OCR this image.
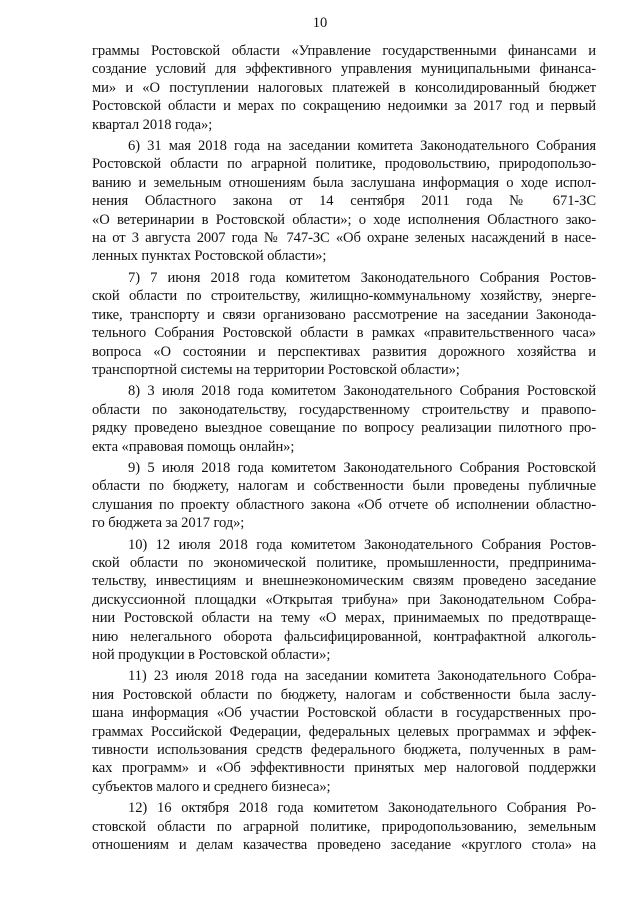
10

граммы Ростовской области «Управление государственными финансами и
создание условий для эффективного управления муниципальными финанса-
ми» и «О поступлении налоговых платежей в консолидированный бюджет
Ростовской области и мерах по сокращению недоимки за 2017 год и первый
квартал 2018 года»;

6) 31 мая 2018 года на заседании комитета Законодательного Собрания
Ростовской области по аграрной политике, продовольствию, природопользо-
ванию и земельным отношениям была заслушана информация о ходе испол-
нения Областного закона от 14 сентября 2011 года № 671-ЗС
«О ветеринарии в Ростовской области»; о ходе исполнения Областного зако-
на от 3 августа 2007 года № 747-ЗС «Об охране зеленых насаждений в насе-
ленных пунктах Ростовской области»;

7) 7 июня 2018 года комитетом Законодательного Собрания Ростов-
ской области по строительству, жилищно-коммунальному хозяйству, энерге-
тике, транспорту и связи организовано рассмотрение на заседании Законода-
тельного Собрания Ростовской области в рамках «правительственного часа»
вопроса «О состоянии и перспективах развития дорожного хозяйства и
транспортной системы на территории Ростовской области»;

8) 3 июля 2018 года комитетом Законодательного Собрания Ростовской
области по законодательству, государственному строительству и правопо-
рядку проведено выездное совещание по вопросу реализации пилотного про-
екта «правовая помощь онлайн»;

9) 5 июля 2018 года комитетом Законодательного Собрания Ростовской
области по бюджету, налогам и собственности были проведены публичные
слушания по проекту областного закона «Об отчете об исполнении областно-
го бюджета за 2017 год»;

10) 12 июля 2018 года комитетом Законодательного Собрания Ростов-
ской области по экономической политике, промышленности, предпринима-
тельству, инвестициям и внешнеэкономическим связям проведено заседание
дискуссионной площадки «Открытая трибуна» при Законодательном Собра-
нии Ростовской области на тему «О мерах, принимаемых по предотвраще-
нию нелегального оборота фальсифицированной, контрафактной алкоголь-
ной продукции в Ростовской области»;

11) 23 июля 2018 года на заседании комитета Законодательного Собра-
ния Ростовской области по бюджету, налогам и собственности была заслу-
шана информация «Об участии Ростовской области в государственных про-
граммах Российской Федерации, федеральных целевых программах и эффек-
тивности использования средств федерального бюджета, полученных в рам-
ках программ» и «Об эффективности принятых мер налоговой поддержки
субъектов малого и среднего бизнеса»;

12) 16 октября 2018 года комитетом Законодательного Собрания Ро-
стовской области по аграрной политике, природопользованию, земельным
отношениям и делам казачества проведено заседание «круглого стола» на
